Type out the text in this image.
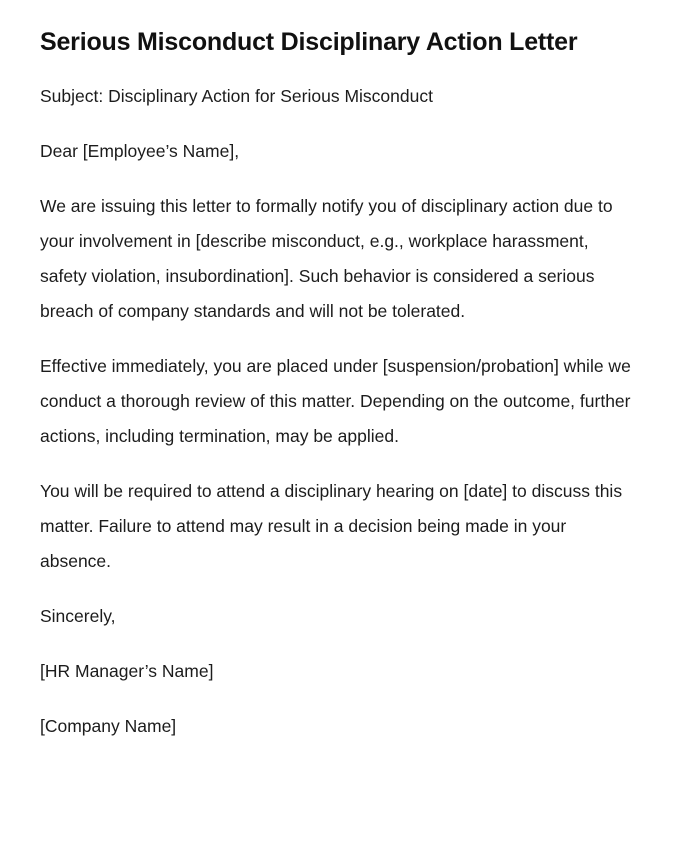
Serious Misconduct Disciplinary Action Letter

Subject: Disciplinary Action for Serious Misconduct

Dear [Employee’s Name],

We are issuing this letter to formally notify you of disciplinary action due to your involvement in [describe misconduct, e.g., workplace harassment, safety violation, insubordination]. Such behavior is considered a serious breach of company standards and will not be tolerated.

Effective immediately, you are placed under [suspension/probation] while we conduct a thorough review of this matter. Depending on the outcome, further actions, including termination, may be applied.

You will be required to attend a disciplinary hearing on [date] to discuss this matter. Failure to attend may result in a decision being made in your absence.

Sincerely,

[HR Manager’s Name]

[Company Name]
